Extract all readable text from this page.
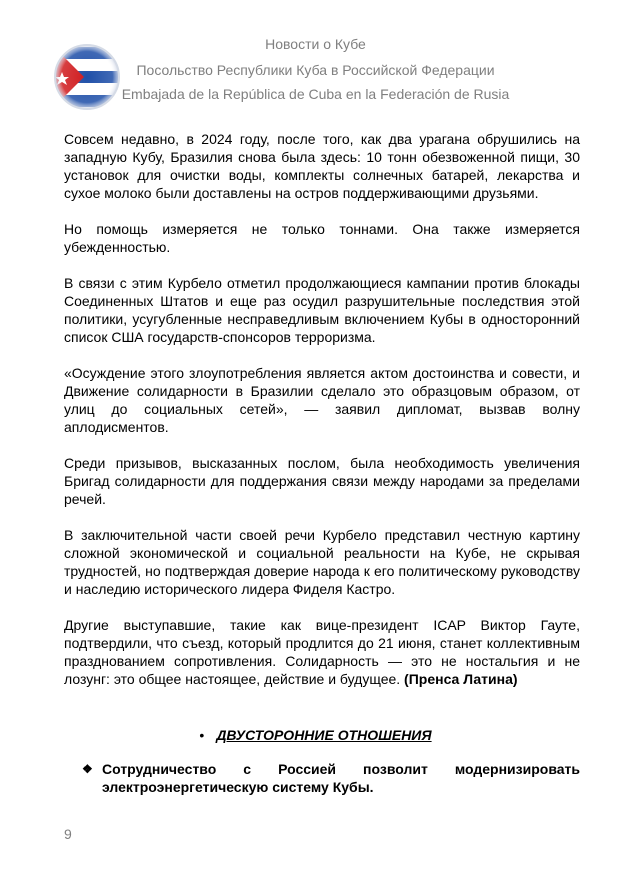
Новости о Кубе
Посольство Республики Куба в Российской Федерации
Embajada de la República de Cuba en la Federación de Rusia

Совсем недавно, в 2024 году, после того, как два урагана обрушились на западную Кубу, Бразилия снова была здесь: 10 тонн обезвоженной пищи, 30 установок для очистки воды, комплекты солнечных батарей, лекарства и сухое молоко были доставлены на остров поддерживающими друзьями.

Но помощь измеряется не только тоннами. Она также измеряется убежденностью.

В связи с этим Курбело отметил продолжающиеся кампании против блокады Соединенных Штатов и еще раз осудил разрушительные последствия этой политики, усугубленные несправедливым включением Кубы в односторонний список США государств-спонсоров терроризма.

«Осуждение этого злоупотребления является актом достоинства и совести, и Движение солидарности в Бразилии сделало это образцовым образом, от улиц до социальных сетей», — заявил дипломат, вызвав волну аплодисментов.

Среди призывов, высказанных послом, была необходимость увеличения Бригад солидарности для поддержания связи между народами за пределами речей.

В заключительной части своей речи Курбело представил честную картину сложной экономической и социальной реальности на Кубе, не скрывая трудностей, но подтверждая доверие народа к его политическому руководству и наследию исторического лидера Фиделя Кастро.

Другие выступавшие, такие как вице-президент ICAP Виктор Гауте, подтвердили, что съезд, который продлится до 21 июня, станет коллективным празднованием сопротивления. Солидарность — это не ностальгия и не лозунг: это общее настоящее, действие и будущее. (Пренса Латина)

• ДВУСТОРОННИЕ ОТНОШЕНИЯ
❖ Сотрудничество с Россией позволит модернизировать электроэнергетическую систему Кубы.
9
